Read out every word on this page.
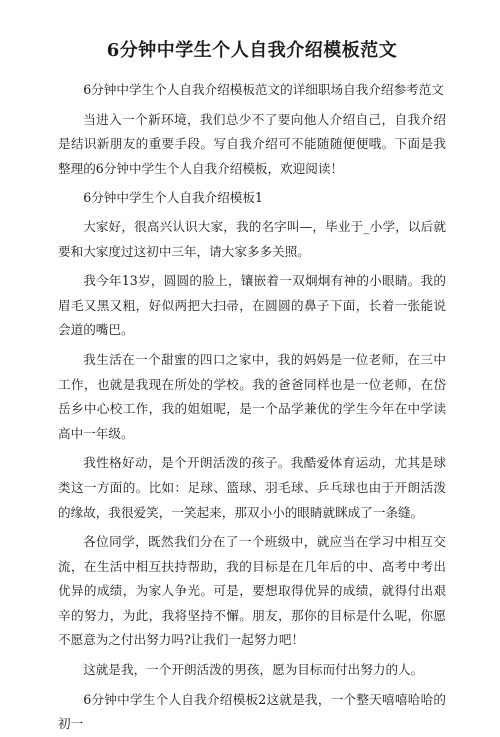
6分钟中学生个人自我介绍模板范文

6分钟中学生个人自我介绍模板范文的详细职场自我介绍参考范文

当进入一个新环境，我们总少不了要向他人介绍自己，自我介绍是结识新朋友的重要手段。写自我介绍可不能随随便便哦。下面是我整理的6分钟中学生个人自我介绍模板，欢迎阅读！

6分钟中学生个人自我介绍模板1

大家好，很高兴认识大家，我的名字叫—，毕业于_小学，以后就要和大家度过这初中三年，请大家多多关照。

我今年13岁，圆圆的脸上，镶嵌着一双炯炯有神的小眼睛。我的眉毛又黑又粗，好似两把大扫帚，在圆圆的鼻子下面，长着一张能说会道的嘴巴。

我生活在一个甜蜜的四口之家中，我的妈妈是一位老师，在三中工作，也就是我现在所处的学校。我的爸爸同样也是一位老师，在岱岳乡中心校工作，我的姐姐呢，是一个品学兼优的学生今年在中学读高中一年级。

我性格好动，是个开朗活泼的孩子。我酷爱体育运动，尤其是球类这一方面的。比如：足球、篮球、羽毛球、乒乓球也由于开朗活泼的缘故，我很爱笑，一笑起来，那双小小的眼睛就眯成了一条缝。

各位同学，既然我们分在了一个班级中，就应当在学习中相互交流，在生活中相互扶持帮助，我的目标是在几年后的中、高考中考出优异的成绩，为家人争光。可是，要想取得优异的成绩，就得付出艰辛的努力，为此，我将坚持不懈。朋友，那你的目标是什么呢，你愿不愿意为之付出努力吗?让我们一起努力吧！

这就是我，一个开朗活泼的男孩，愿为目标而付出努力的人。

6分钟中学生个人自我介绍模板2这就是我，一个整天嘻嘻哈哈的初一
